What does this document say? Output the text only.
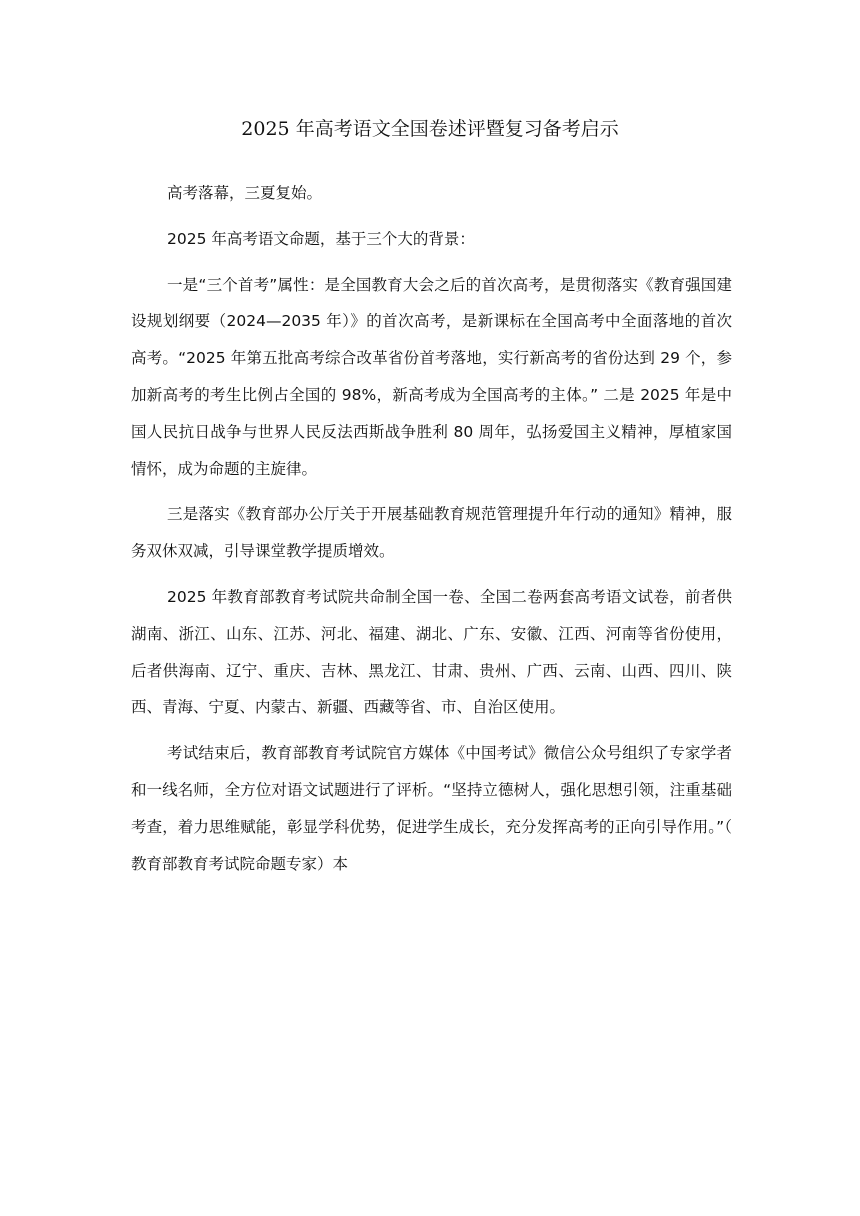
2025 年高考语文全国卷述评暨复习备考启示

高考落幕，三夏复始。

2025 年高考语文命题，基于三个大的背景：

一是“三个首考”属性：是全国教育大会之后的首次高考，是贯彻落实《教育强国建设规划纲要（2024—2035 年）》的首次高考，是新课标在全国高考中全面落地的首次高考。“2025 年第五批高考综合改革省份首考落地，实行新高考的省份达到 29 个，参加新高考的考生比例占全国的 98%，新高考成为全国高考的主体。” 二是 2025 年是中国人民抗日战争与世界人民反法西斯战争胜利 80 周年，弘扬爱国主义精神，厚植家国情怀，成为命题的主旋律。

三是落实《教育部办公厅关于开展基础教育规范管理提升年行动的通知》精神，服务双休双减，引导课堂教学提质增效。

2025 年教育部教育考试院共命制全国一卷、全国二卷两套高考语文试卷，前者供湖南、浙江、山东、江苏、河北、福建、湖北、广东、安徽、江西、河南等省份使用，后者供海南、辽宁、重庆、吉林、黑龙江、甘肃、贵州、广西、云南、山西、四川、陕西、青海、宁夏、内蒙古、新疆、西藏等省、市、自治区使用。

考试结束后，教育部教育考试院官方媒体《中国考试》微信公众号组织了专家学者和一线名师，全方位对语文试题进行了评析。“坚持立德树人，强化思想引领，注重基础考查，着力思维赋能，彰显学科优势，促进学生成长，充分发挥高考的正向引导作用。”（教育部教育考试院命题专家）本
